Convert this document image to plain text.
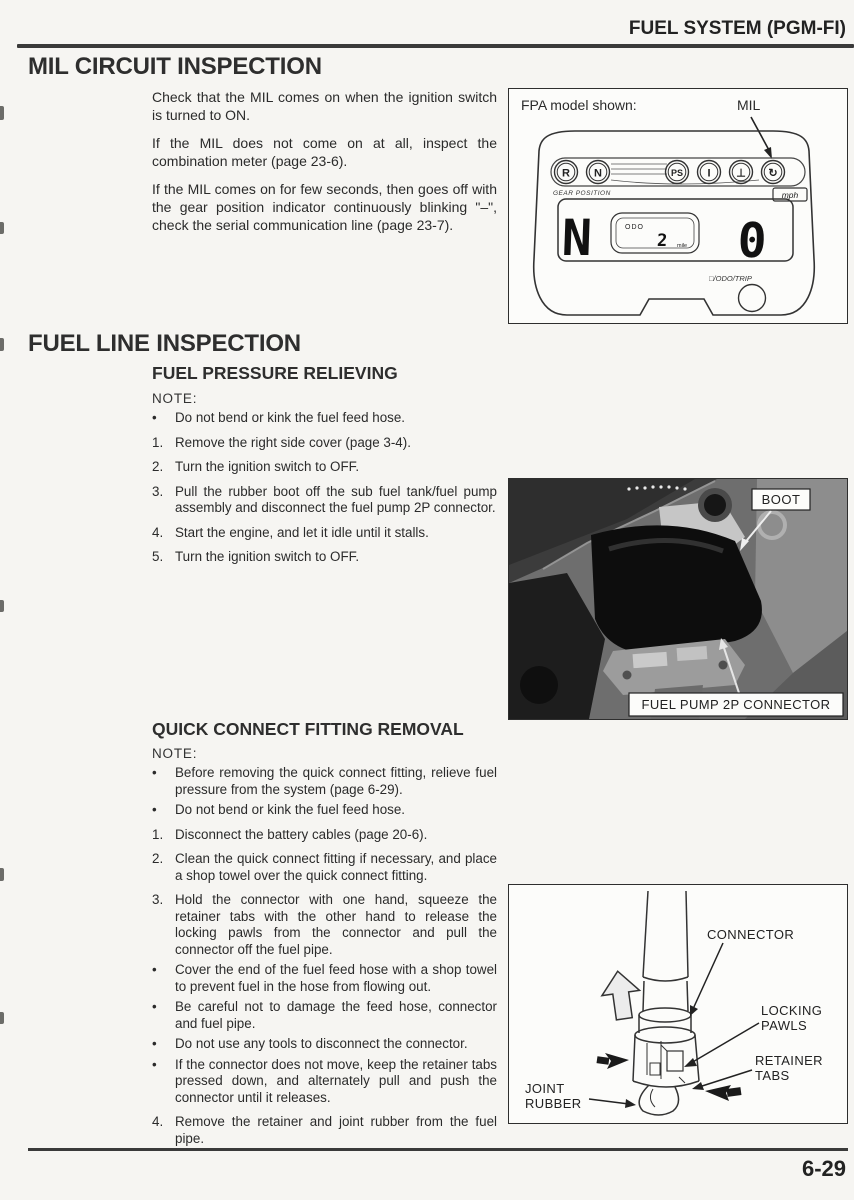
FUEL SYSTEM (PGM-FI)
MIL CIRCUIT INSPECTION

Check that the MIL comes on when the ignition switch is turned to ON.

If the MIL does not come on at all, inspect the combination meter (page 23-6).

If the MIL comes on for few seconds, then goes off with the gear position indicator continuously blinking "–", check the serial communication line (page 23-7).

FPA model shown:	MIL
R N	PS I ⊥ ↻
GEAR POSITION	mph
N	ODO
2 mile 0
□/ODO/TRIP
FUEL LINE INSPECTION
FUEL PRESSURE RELIEVING
NOTE:
•	Do not bend or kink the fuel feed hose.
1. Remove the right side cover (page 3-4).
2. Turn the ignition switch to OFF.
3. Pull the rubber boot off the sub fuel tank/fuel pump assembly and disconnect the fuel pump 2P connector.
4. Start the engine, and let it idle until it stalls.
5. Turn the ignition switch to OFF.
BOOT
FUEL PUMP 2P CONNECTOR
QUICK CONNECT FITTING REMOVAL
NOTE:
•	Before removing the quick connect fitting, relieve fuel pressure from the system (page 6-29).
•	Do not bend or kink the fuel feed hose.
1. Disconnect the battery cables (page 20-6).
2. Clean the quick connect fitting if necessary, and place a shop towel over the quick connect fitting.
3. Hold the connector with one hand, squeeze the retainer tabs with the other hand to release the locking pawls from the connector and pull the connector off the fuel pipe.
•	Cover the end of the fuel feed hose with a shop towel to prevent fuel in the hose from flowing out.
•	Be careful not to damage the feed hose, connector and fuel pipe.
•	Do not use any tools to disconnect the connector.
•	If the connector does not move, keep the retainer tabs pressed down, and alternately pull and push the connector until it releases.
4. Remove the retainer and joint rubber from the fuel pipe.
CONNECTOR
LOCKING PAWLS
RETAINER TABS
JOINT RUBBER
6-29
